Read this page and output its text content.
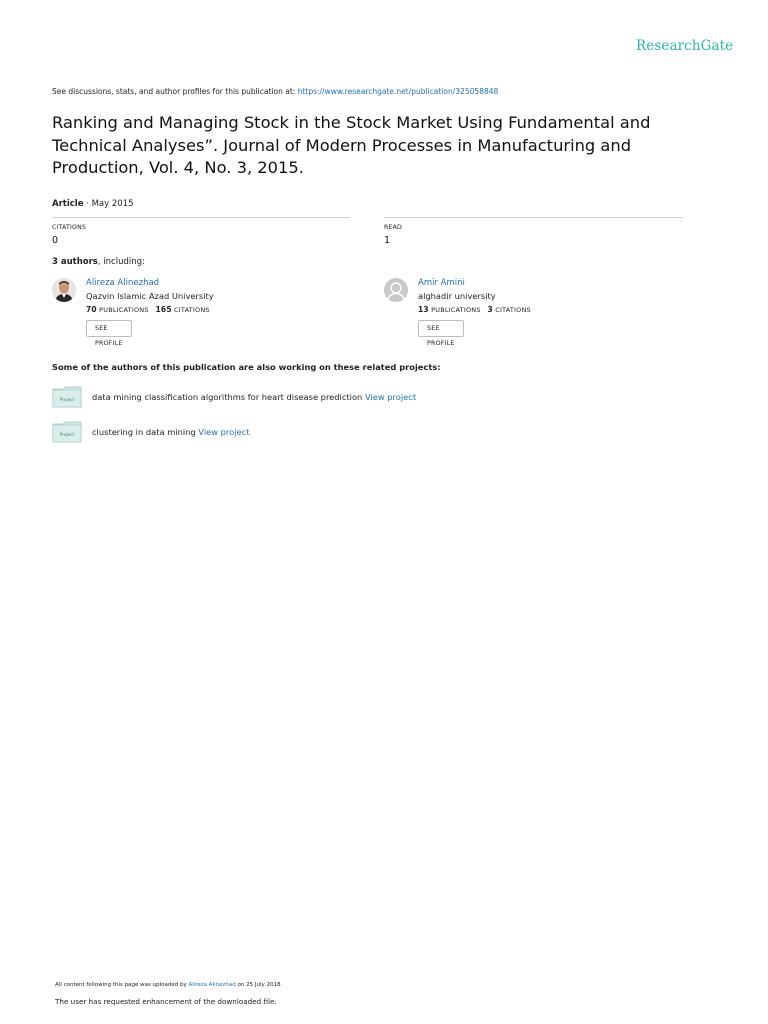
ResearchGate
See discussions, stats, and author profiles for this publication at: https://www.researchgate.net/publication/325058848
Ranking and Managing Stock in the Stock Market Using Fundamental and Technical Analyses”. Journal of Modern Processes in Manufacturing and Production, Vol. 4, No. 3, 2015.
Article · May 2015
CITATIONS
0
READ
1
3 authors, including:
Alireza Alinezhad
Qazvin Islamic Azad University
70 PUBLICATIONS 165 CITATIONS
SEE PROFILE
Amir Amini
alghadir university
13 PUBLICATIONS 3 CITATIONS
SEE PROFILE
Some of the authors of this publication are also working on these related projects:
Project data mining classification algorithms for heart disease prediction View project
Project clustering in data mining View project
All content following this page was uploaded by Alireza Alinezhad on 25 July 2018.
The user has requested enhancement of the downloaded file.
